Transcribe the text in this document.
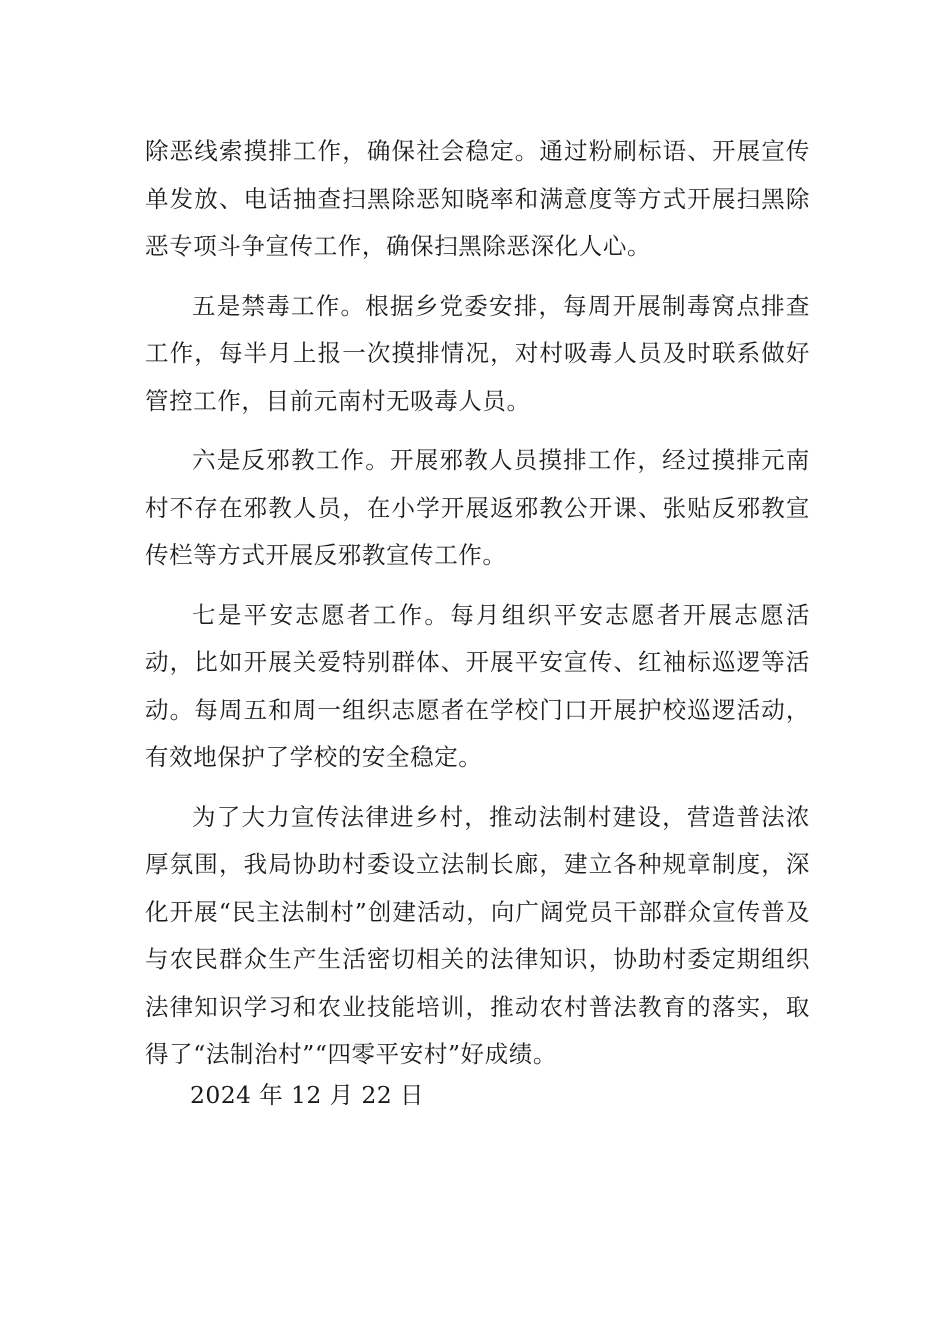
除恶线索摸排工作，确保社会稳定。通过粉刷标语、开展宣传单发放、电话抽查扫黑除恶知晓率和满意度等方式开展扫黑除恶专项斗争宣传工作，确保扫黑除恶深化人心。

五是禁毒工作。根据乡党委安排，每周开展制毒窝点排查工作，每半月上报一次摸排情况，对村吸毒人员及时联系做好管控工作，目前元南村无吸毒人员。

六是反邪教工作。开展邪教人员摸排工作，经过摸排元南村不存在邪教人员，在小学开展返邪教公开课、张贴反邪教宣传栏等方式开展反邪教宣传工作。

七是平安志愿者工作。每月组织平安志愿者开展志愿活动，比如开展关爱特别群体、开展平安宣传、红袖标巡逻等活动。每周五和周一组织志愿者在学校门口开展护校巡逻活动，有效地保护了学校的安全稳定。

为了大力宣传法律进乡村，推动法制村建设，营造普法浓厚氛围，我局协助村委设立法制长廊，建立各种规章制度，深化开展“民主法制村”创建活动，向广阔党员干部群众宣传普及与农民群众生产生活密切相关的法律知识，协助村委定期组织法律知识学习和农业技能培训，推动农村普法教育的落实，取得了“法制治村”“四零平安村”好成绩。

2024 年 12 月 22 日
